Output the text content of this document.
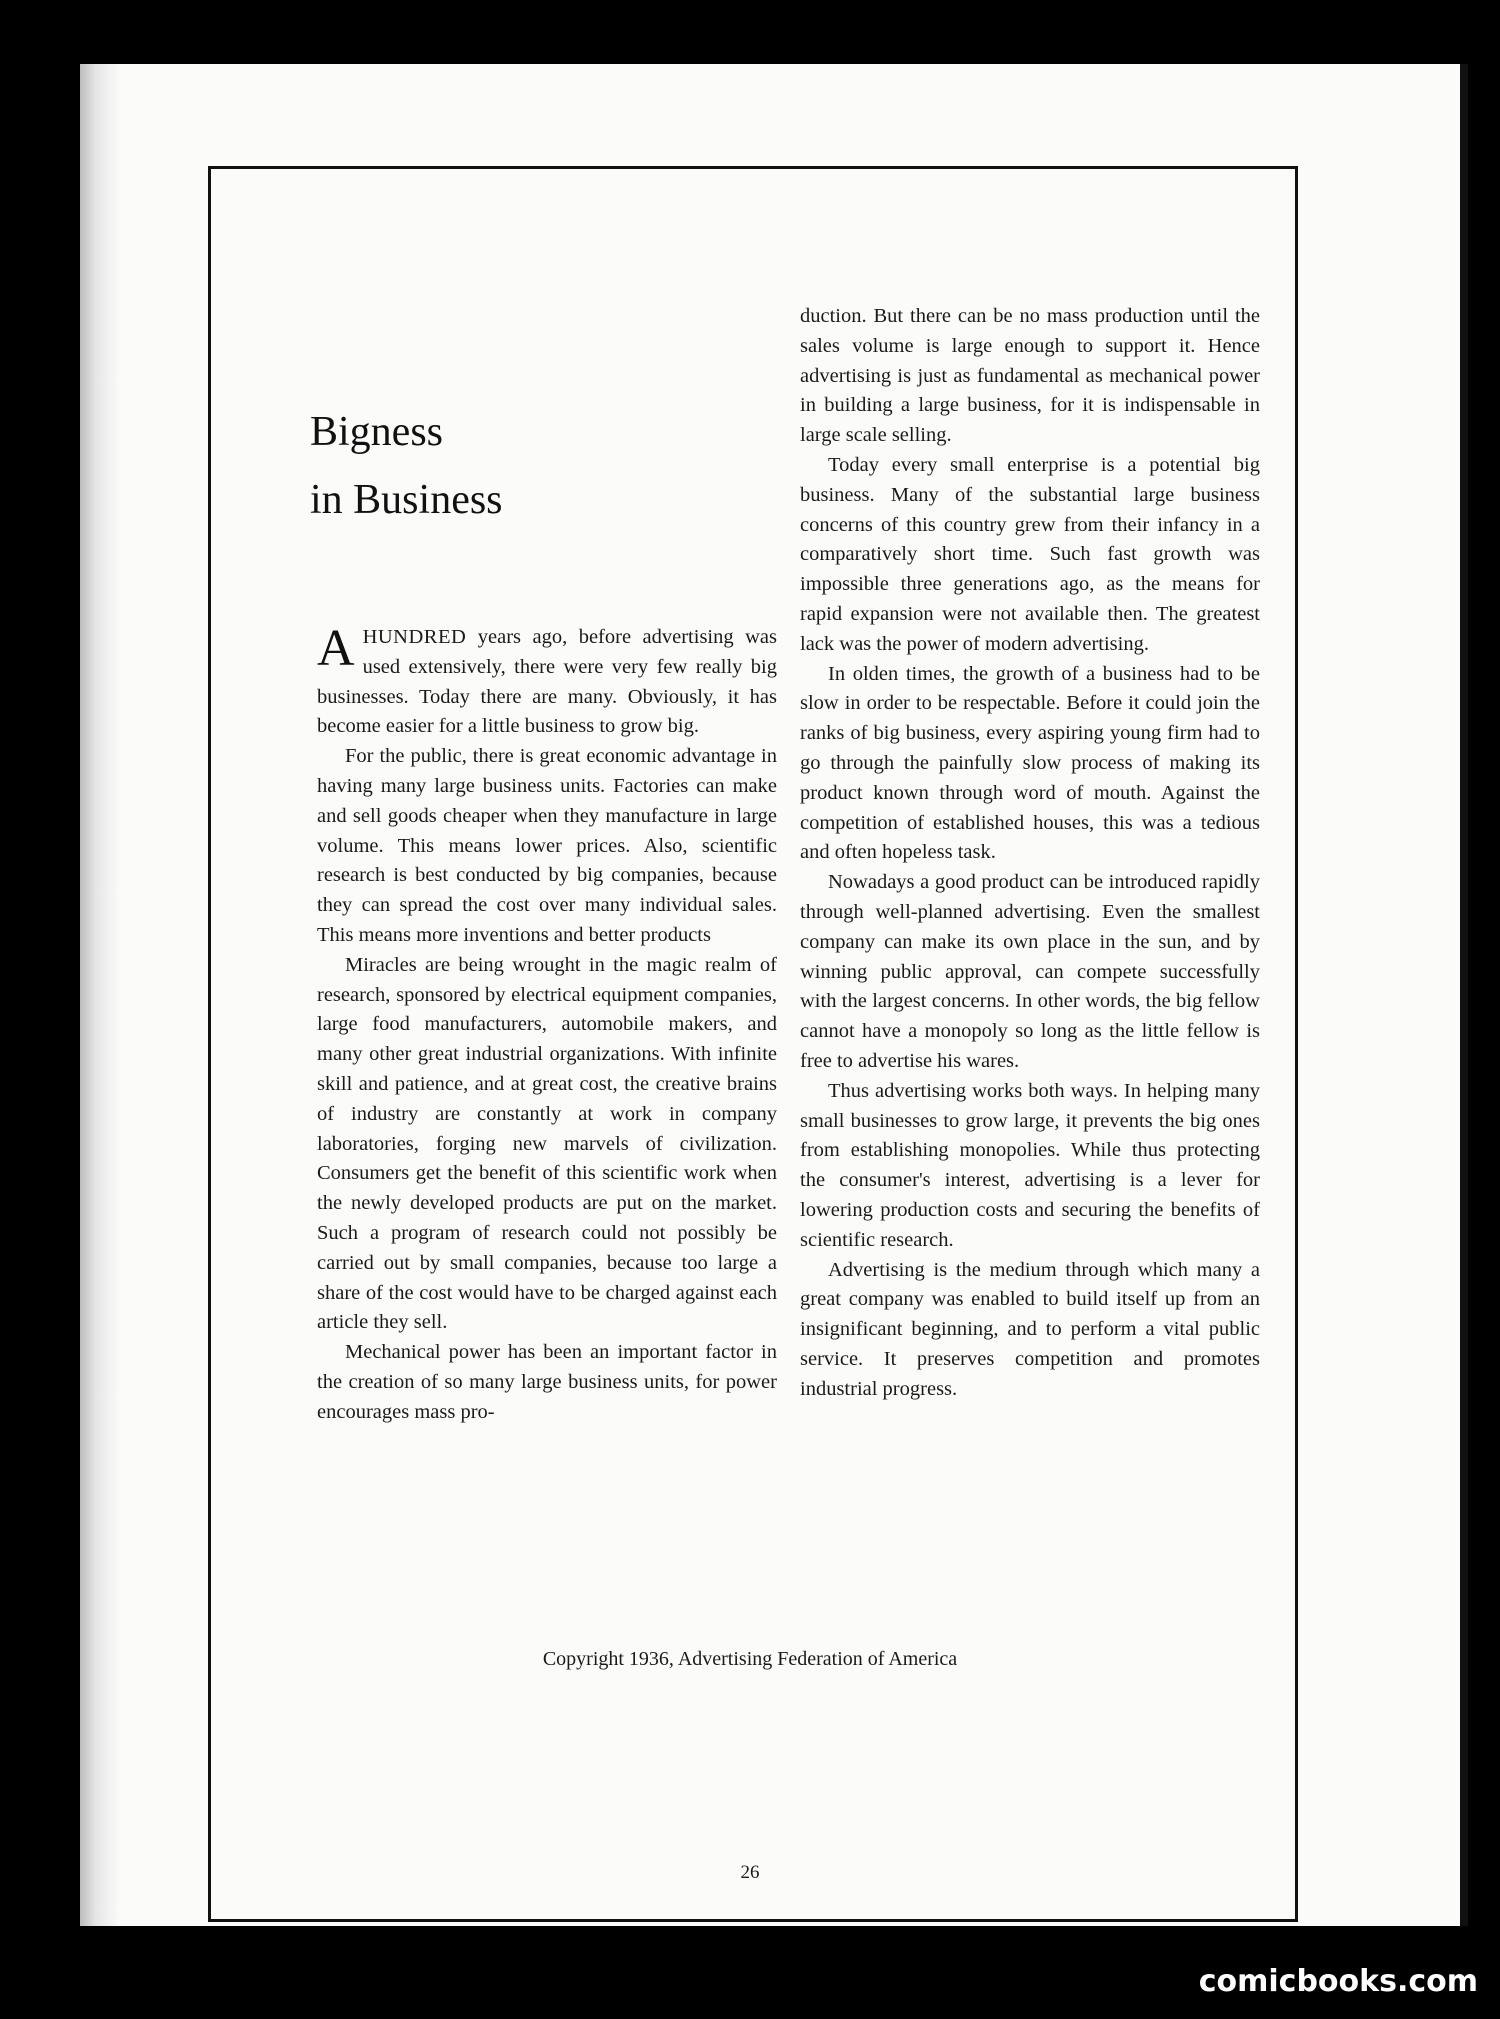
Bigness
in Business

AHUNDRED years ago, before advertising was used extensively, there were very few really big businesses. Today there are many. Obviously, it has become easier for a little business to grow big.

For the public, there is great economic advantage in having many large business units. Factories can make and sell goods cheaper when they manufacture in large volume. This means lower prices. Also, scientific research is best conducted by big companies, because they can spread the cost over many individual sales. This means more inventions and better products

Miracles are being wrought in the magic realm of research, sponsored by electrical equipment companies, large food manufacturers, automobile makers, and many other great industrial organizations. With infinite skill and patience, and at great cost, the creative brains of industry are constantly at work in company laboratories, forging new marvels of civilization. Consumers get the benefit of this scientific work when the newly developed products are put on the market. Such a program of research could not possibly be carried out by small companies, because too large a share of the cost would have to be charged against each article they sell.

Mechanical power has been an important factor in the creation of so many large business units, for power encourages mass pro-

duction. But there can be no mass production until the sales volume is large enough to support it. Hence advertising is just as fundamental as mechanical power in building a large business, for it is indispensable in large scale selling.

Today every small enterprise is a potential big business. Many of the substantial large business concerns of this country grew from their infancy in a comparatively short time. Such fast growth was impossible three generations ago, as the means for rapid expansion were not available then. The greatest lack was the power of modern advertising.

In olden times, the growth of a business had to be slow in order to be respectable. Before it could join the ranks of big business, every aspiring young firm had to go through the painfully slow process of making its product known through word of mouth. Against the competition of established houses, this was a tedious and often hopeless task.

Nowadays a good product can be introduced rapidly through well-planned advertising. Even the smallest company can make its own place in the sun, and by winning public approval, can compete successfully with the largest concerns. In other words, the big fellow cannot have a monopoly so long as the little fellow is free to advertise his wares.

Thus advertising works both ways. In helping many small businesses to grow large, it prevents the big ones from establishing monopolies. While thus protecting the consumer's interest, advertising is a lever for lowering production costs and securing the benefits of scientific research.

Advertising is the medium through which many a great company was enabled to build itself up from an insignificant beginning, and to perform a vital public service. It preserves competition and promotes industrial progress.

Copyright 1936, Advertising Federation of America
26
comicbooks.com
